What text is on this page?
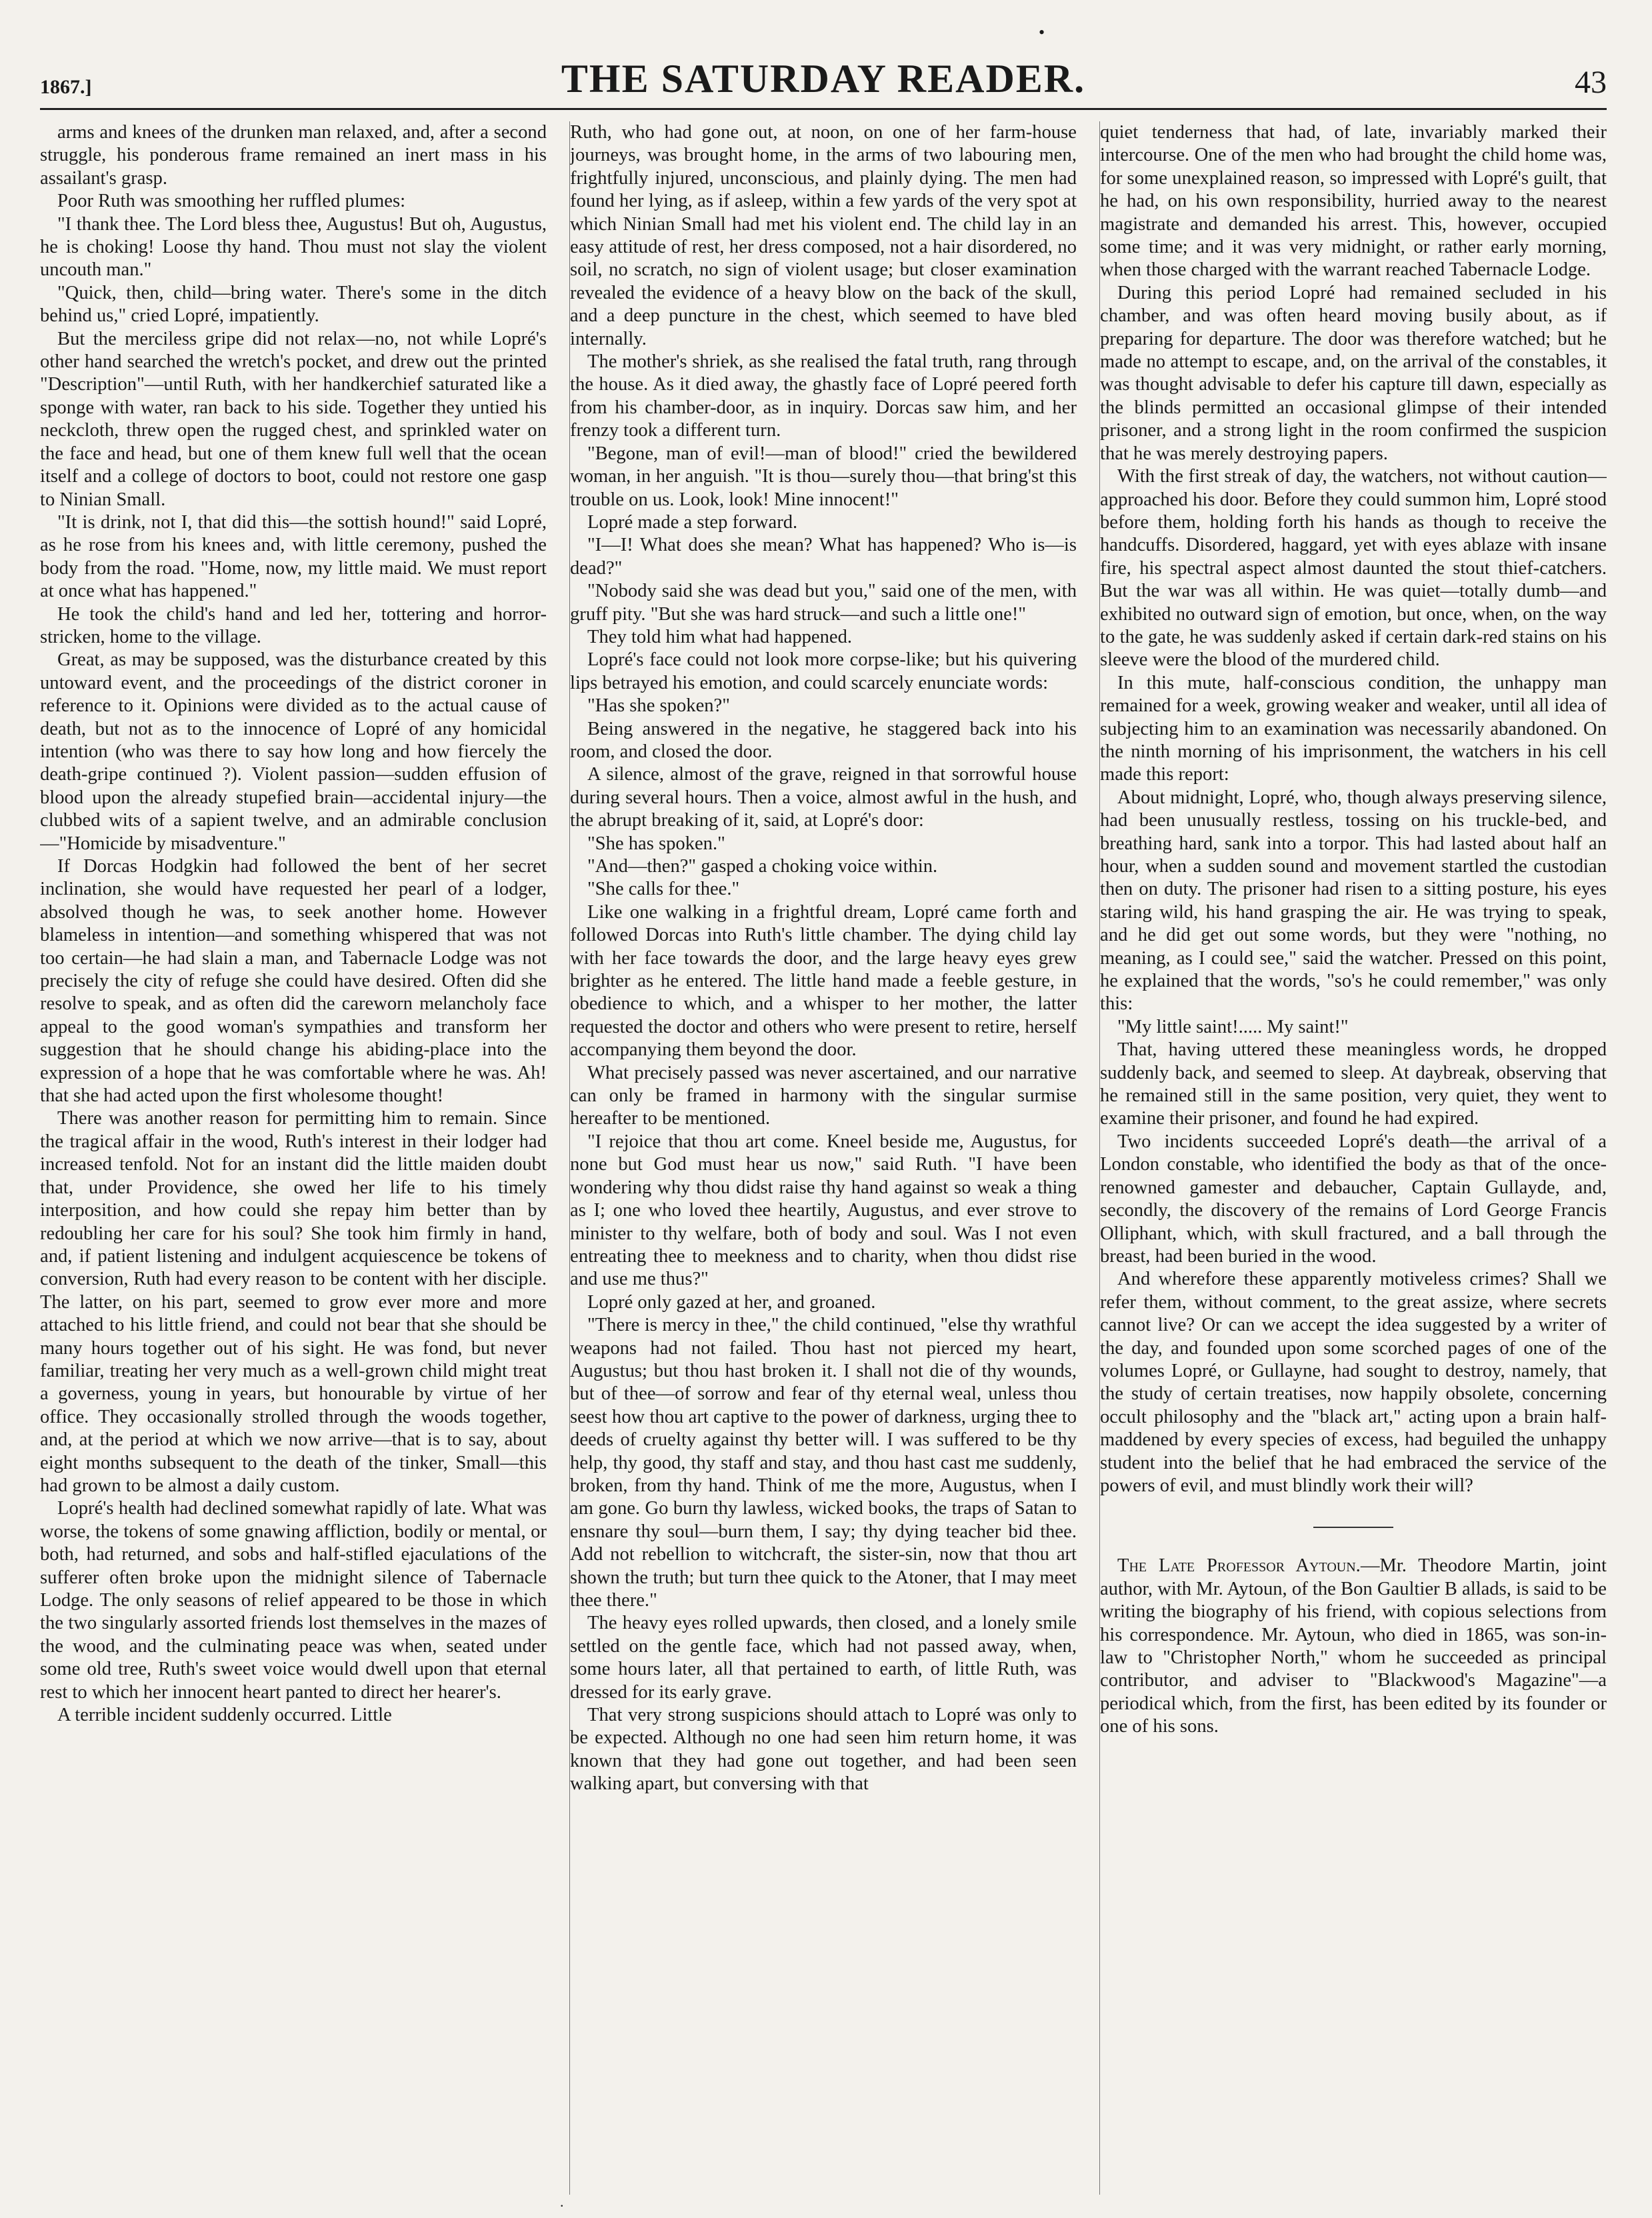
•
1867.]	THE SATURDAY READER.	43

arms and knees of the drunken man relaxed, and, after a second struggle, his ponderous frame remained an inert mass in his assailant's grasp.

Poor Ruth was smoothing her ruffled plumes:

"I thank thee. The Lord bless thee, Augustus! But oh, Augustus, he is choking! Loose thy hand. Thou must not slay the violent uncouth man."

"Quick, then, child—bring water. There's some in the ditch behind us," cried Lopré, impatiently.

But the merciless gripe did not relax—no, not while Lopré's other hand searched the wretch's pocket, and drew out the printed "Description"—until Ruth, with her handkerchief saturated like a sponge with water, ran back to his side. Together they untied his neckcloth, threw open the rugged chest, and sprinkled water on the face and head, but one of them knew full well that the ocean itself and a college of doctors to boot, could not restore one gasp to Ninian Small.

"It is drink, not I, that did this—the sottish hound!" said Lopré, as he rose from his knees and, with little ceremony, pushed the body from the road. "Home, now, my little maid. We must report at once what has happened."

He took the child's hand and led her, tottering and horror-stricken, home to the village.

Great, as may be supposed, was the disturbance created by this untoward event, and the proceedings of the district coroner in reference to it. Opinions were divided as to the actual cause of death, but not as to the innocence of Lopré of any homicidal intention (who was there to say how long and how fiercely the death-gripe continued ?). Violent passion—sudden effusion of blood upon the already stupefied brain—accidental injury—the clubbed wits of a sapient twelve, and an admirable conclusion—"Homicide by misadventure."

If Dorcas Hodgkin had followed the bent of her secret inclination, she would have requested her pearl of a lodger, absolved though he was, to seek another home. However blameless in intention—and something whispered that was not too certain—he had slain a man, and Tabernacle Lodge was not precisely the city of refuge she could have desired. Often did she resolve to speak, and as often did the careworn melancholy face appeal to the good woman's sympathies and transform her suggestion that he should change his abiding-place into the expression of a hope that he was comfortable where he was. Ah! that she had acted upon the first wholesome thought!

There was another reason for permitting him to remain. Since the tragical affair in the wood, Ruth's interest in their lodger had increased tenfold. Not for an instant did the little maiden doubt that, under Providence, she owed her life to his timely interposition, and how could she repay him better than by redoubling her care for his soul? She took him firmly in hand, and, if patient listening and indulgent acquiescence be tokens of conversion, Ruth had every reason to be content with her disciple. The latter, on his part, seemed to grow ever more and more attached to his little friend, and could not bear that she should be many hours together out of his sight. He was fond, but never familiar, treating her very much as a well-grown child might treat a governess, young in years, but honourable by virtue of her office. They occasionally strolled through the woods together, and, at the period at which we now arrive—that is to say, about eight months subsequent to the death of the tinker, Small—this had grown to be almost a daily custom.

Lopré's health had declined somewhat rapidly of late. What was worse, the tokens of some gnawing affliction, bodily or mental, or both, had returned, and sobs and half-stifled ejaculations of the sufferer often broke upon the midnight silence of Tabernacle Lodge. The only seasons of relief appeared to be those in which the two singularly assorted friends lost themselves in the mazes of the wood, and the culminating peace was when, seated under some old tree, Ruth's sweet voice would dwell upon that eternal rest to which her innocent heart panted to direct her hearer's.

A terrible incident suddenly occurred. Little

Ruth, who had gone out, at noon, on one of her farm-house journeys, was brought home, in the arms of two labouring men, frightfully injured, unconscious, and plainly dying. The men had found her lying, as if asleep, within a few yards of the very spot at which Ninian Small had met his violent end. The child lay in an easy attitude of rest, her dress composed, not a hair disordered, no soil, no scratch, no sign of violent usage; but closer examination revealed the evidence of a heavy blow on the back of the skull, and a deep puncture in the chest, which seemed to have bled internally.

The mother's shriek, as she realised the fatal truth, rang through the house. As it died away, the ghastly face of Lopré peered forth from his chamber-door, as in inquiry. Dorcas saw him, and her frenzy took a different turn.

"Begone, man of evil!—man of blood!" cried the bewildered woman, in her anguish. "It is thou—surely thou—that bring'st this trouble on us. Look, look! Mine innocent!"

Lopré made a step forward.

"I—I! What does she mean? What has happened? Who is—is dead?"

"Nobody said she was dead but you," said one of the men, with gruff pity. "But she was hard struck—and such a little one!"

They told him what had happened.

Lopré's face could not look more corpse-like; but his quivering lips betrayed his emotion, and could scarcely enunciate words:

"Has she spoken?"

Being answered in the negative, he staggered back into his room, and closed the door.

A silence, almost of the grave, reigned in that sorrowful house during several hours. Then a voice, almost awful in the hush, and the abrupt breaking of it, said, at Lopré's door:

"She has spoken."

"And—then?" gasped a choking voice within.

"She calls for thee."

Like one walking in a frightful dream, Lopré came forth and followed Dorcas into Ruth's little chamber. The dying child lay with her face towards the door, and the large heavy eyes grew brighter as he entered. The little hand made a feeble gesture, in obedience to which, and a whisper to her mother, the latter requested the doctor and others who were present to retire, herself accompanying them beyond the door.

What precisely passed was never ascertained, and our narrative can only be framed in harmony with the singular surmise hereafter to be mentioned.

"I rejoice that thou art come. Kneel beside me, Augustus, for none but God must hear us now," said Ruth. "I have been wondering why thou didst raise thy hand against so weak a thing as I; one who loved thee heartily, Augustus, and ever strove to minister to thy welfare, both of body and soul. Was I not even entreating thee to meekness and to charity, when thou didst rise and use me thus?"

Lopré only gazed at her, and groaned.

"There is mercy in thee," the child continued, "else thy wrathful weapons had not failed. Thou hast not pierced my heart, Augustus; but thou hast broken it. I shall not die of thy wounds, but of thee—of sorrow and fear of thy eternal weal, unless thou seest how thou art captive to the power of darkness, urging thee to deeds of cruelty against thy better will. I was suffered to be thy help, thy good, thy staff and stay, and thou hast cast me suddenly, broken, from thy hand. Think of me the more, Augustus, when I am gone. Go burn thy lawless, wicked books, the traps of Satan to ensnare thy soul—burn them, I say; thy dying teacher bid thee. Add not rebellion to witchcraft, the sister-sin, now that thou art shown the truth; but turn thee quick to the Atoner, that I may meet thee there."

The heavy eyes rolled upwards, then closed, and a lonely smile settled on the gentle face, which had not passed away, when, some hours later, all that pertained to earth, of little Ruth, was dressed for its early grave.

That very strong suspicions should attach to Lopré was only to be expected. Although no one had seen him return home, it was known that they had gone out together, and had been seen walking apart, but conversing with that

quiet tenderness that had, of late, invariably marked their intercourse. One of the men who had brought the child home was, for some unexplained reason, so impressed with Lopré's guilt, that he had, on his own responsibility, hurried away to the nearest magistrate and demanded his arrest. This, however, occupied some time; and it was very midnight, or rather early morning, when those charged with the warrant reached Tabernacle Lodge.

During this period Lopré had remained secluded in his chamber, and was often heard moving busily about, as if preparing for departure. The door was therefore watched; but he made no attempt to escape, and, on the arrival of the constables, it was thought advisable to defer his capture till dawn, especially as the blinds permitted an occasional glimpse of their intended prisoner, and a strong light in the room confirmed the suspicion that he was merely destroying papers.

With the first streak of day, the watchers, not without caution—approached his door. Before they could summon him, Lopré stood before them, holding forth his hands as though to receive the handcuffs. Disordered, haggard, yet with eyes ablaze with insane fire, his spectral aspect almost daunted the stout thief-catchers. But the war was all within. He was quiet—totally dumb—and exhibited no outward sign of emotion, but once, when, on the way to the gate, he was suddenly asked if certain dark-red stains on his sleeve were the blood of the murdered child.

In this mute, half-conscious condition, the unhappy man remained for a week, growing weaker and weaker, until all idea of subjecting him to an examination was necessarily abandoned. On the ninth morning of his imprisonment, the watchers in his cell made this report:

About midnight, Lopré, who, though always preserving silence, had been unusually restless, tossing on his truckle-bed, and breathing hard, sank into a torpor. This had lasted about half an hour, when a sudden sound and movement startled the custodian then on duty. The prisoner had risen to a sitting posture, his eyes staring wild, his hand grasping the air. He was trying to speak, and he did get out some words, but they were "nothing, no meaning, as I could see," said the watcher. Pressed on this point, he explained that the words, "so's he could remember," was only this:

"My little saint!..... My saint!"

That, having uttered these meaningless words, he dropped suddenly back, and seemed to sleep. At daybreak, observing that he remained still in the same position, very quiet, they went to examine their prisoner, and found he had expired.

Two incidents succeeded Lopré's death—the arrival of a London constable, who identified the body as that of the once-renowned gamester and debaucher, Captain Gullayde, and, secondly, the discovery of the remains of Lord George Francis Olliphant, which, with skull fractured, and a ball through the breast, had been buried in the wood.

And wherefore these apparently motiveless crimes? Shall we refer them, without comment, to the great assize, where secrets cannot live? Or can we accept the idea suggested by a writer of the day, and founded upon some scorched pages of one of the volumes Lopré, or Gullayne, had sought to destroy, namely, that the study of certain treatises, now happily obsolete, concerning occult philosophy and the "black art," acting upon a brain half-maddened by every species of excess, had beguiled the unhappy student into the belief that he had embraced the service of the powers of evil, and must blindly work their will?

The Late Professor Aytoun.—Mr. Theodore Martin, joint author, with Mr. Aytoun, of the Bon Gaultier B allads, is said to be writing the biography of his friend, with copious selections from his correspondence. Mr. Aytoun, who died in 1865, was son-in-law to "Christopher North," whom he succeeded as principal contributor, and adviser to "Blackwood's Magazine"—a periodical which, from the first, has been edited by its founder or one of his sons.

.
